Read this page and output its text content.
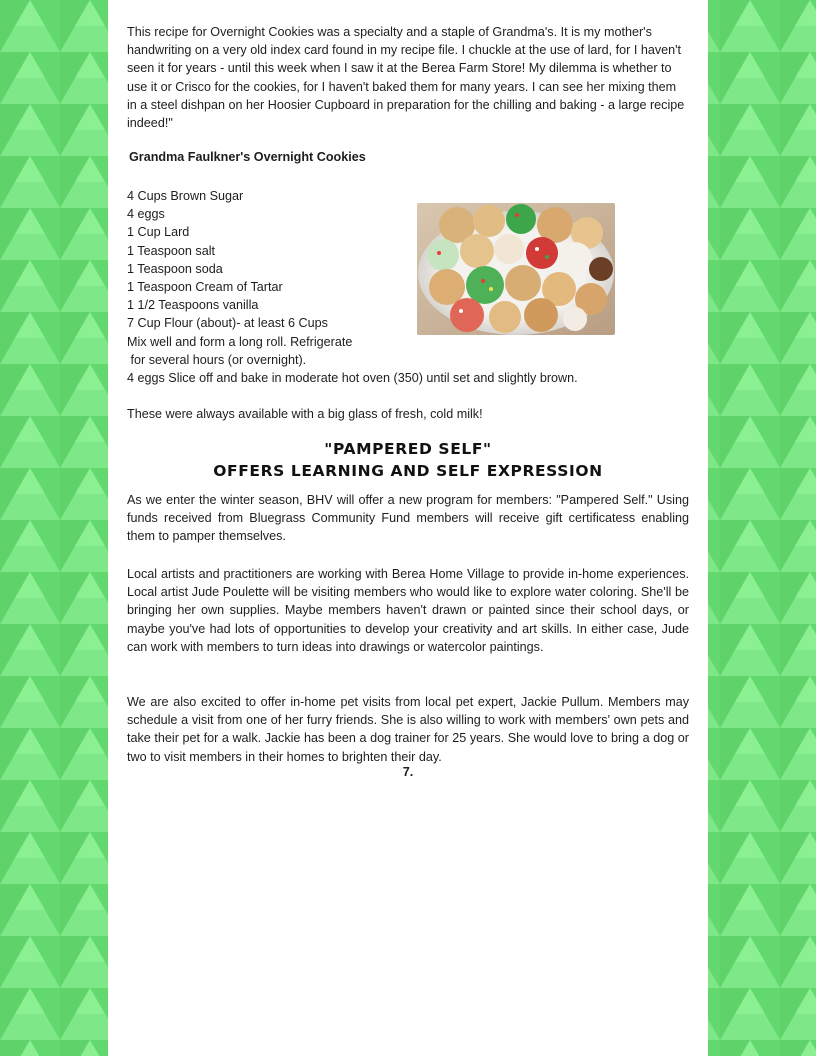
This recipe for Overnight Cookies was a specialty and a staple of Grandma's. It is my mother's handwriting on a very old index card found in my recipe file. I chuckle at the use of lard, for I haven't seen it for years - until this week when I saw it at the Berea Farm Store! My dilemma is whether to use it or Crisco for the cookies, for I haven't baked them for many years. I can see her mixing them in a steel dishpan on her Hoosier Cupboard in preparation for the chilling and baking - a large recipe indeed!"

Grandma Faulkner's Overnight Cookies
4 Cups Brown Sugar
4 eggs
1 Cup Lard
1 Teaspoon salt
1 Teaspoon soda
1 Teaspoon Cream of Tartar
1 1/2 Teaspoons vanilla
7 Cup Flour (about)- at least 6 Cups
Mix well and form a long roll. Refrigerate
for several hours (or overnight).
4 eggs Slice off and bake in moderate hot oven (350) until set and slightly brown.

These were always available with a big glass of fresh, cold milk!

"PAMPERED SELF"
OFFERS LEARNING AND SELF EXPRESSION

As we enter the winter season, BHV will offer a new program for members: "Pampered Self." Using funds received from Bluegrass Community Fund members will receive gift certificatess enabling them to pamper themselves.

Local artists and practitioners are working with Berea Home Village to provide in-home experiences. Local artist Jude Poulette will be visiting members who would like to explore water coloring. She'll be bringing her own supplies. Maybe members haven't drawn or painted since their school days, or maybe you've had lots of opportunities to develop your creativity and art skills. In either case, Jude can work with members to turn ideas into drawings or watercolor paintings.

We are also excited to offer in-home pet visits from local pet expert, Jackie Pullum. Members may schedule a visit from one of her furry friends. She is also willing to work with members' own pets and take their pet for a walk. Jackie has been a dog trainer for 25 years. She would love to bring a dog or two to visit members in their homes to brighten their day.

7.
